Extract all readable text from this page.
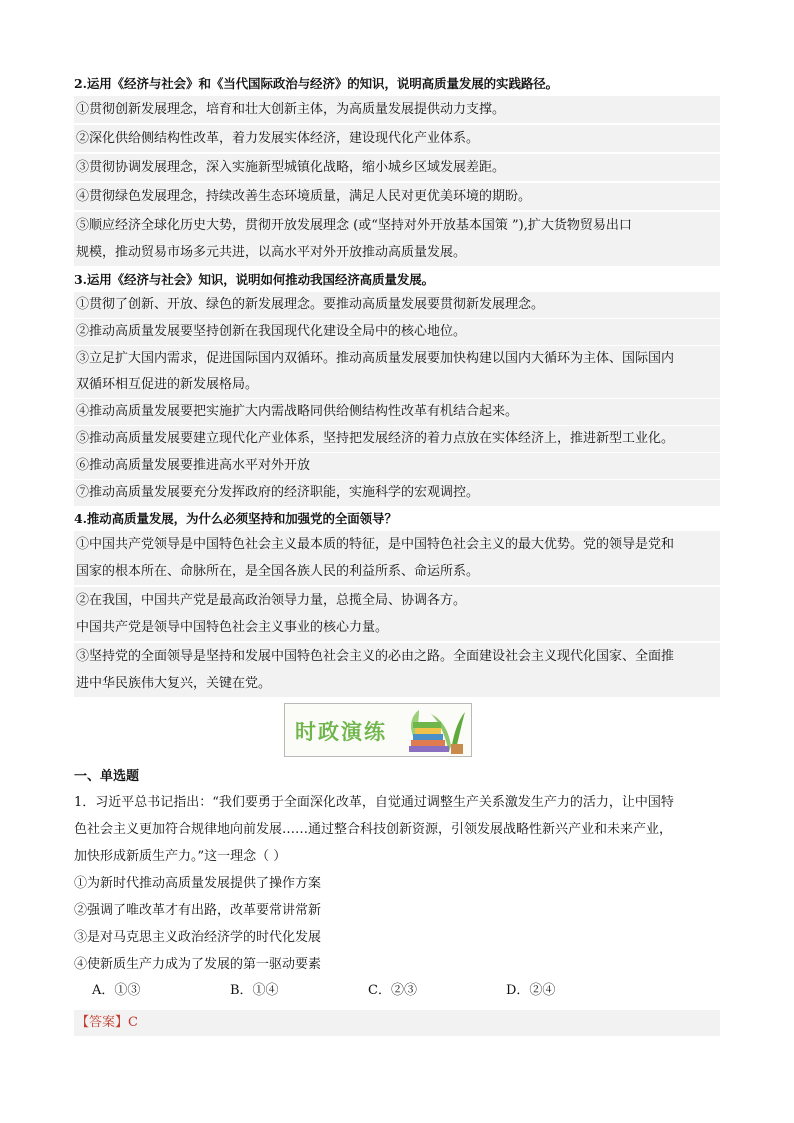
2.运用《经济与社会》和《当代国际政治与经济》的知识，说明高质量发展的实践路径。
①贯彻创新发展理念，培育和壮大创新主体，为高质量发展提供动力支撑。
②深化供给侧结构性改革，着力发展实体经济，建设现代化产业体系。
③贯彻协调发展理念，深入实施新型城镇化战略，缩小城乡区域发展差距。
④贯彻绿色发展理念，持续改善生态环境质量，满足人民对更优美环境的期盼。
⑤顺应经济全球化历史大势，贯彻开放发展理念 (或“坚持对外开放基本国策 ”),扩大货物贸易出口
规模，推动贸易市场多元共进，以高水平对外开放推动高质量发展。
3.运用《经济与社会》知识，说明如何推动我国经济高质量发展。
①贯彻了创新、开放、绿色的新发展理念。要推动高质量发展要贯彻新发展理念。
②推动高质量发展要坚持创新在我国现代化建设全局中的核心地位。
③立足扩大国内需求，促进国际国内双循环。推动高质量发展要加快构建以国内大循环为主体、国际国内
双循环相互促进的新发展格局。
④推动高质量发展要把实施扩大内需战略同供给侧结构性改革有机结合起来。
⑤推动高质量发展要建立现代化产业体系，坚持把发展经济的着力点放在实体经济上，推进新型工业化。
⑥推动高质量发展要推进高水平对外开放
⑦推动高质量发展要充分发挥政府的经济职能，实施科学的宏观调控。
4.推动高质量发展，为什么必须坚持和加强党的全面领导？
①中国共产党领导是中国特色社会主义最本质的特征，是中国特色社会主义的最大优势。党的领导是党和
国家的根本所在、命脉所在，是全国各族人民的利益所系、命运所系。
②在我国，中国共产党是最高政治领导力量，总揽全局、协调各方。
中国共产党是领导中国特色社会主义事业的核心力量。
③坚持党的全面领导是坚持和发展中国特色社会主义的必由之路。全面建设社会主义现代化国家、全面推
进中华民族伟大复兴，关键在党。
时政演练
一、单选题
1．习近平总书记指出：“我们要勇于全面深化改革，自觉通过调整生产关系激发生产力的活力，让中国特
色社会主义更加符合规律地向前发展……通过整合科技创新资源，引领发展战略性新兴产业和未来产业，
加快形成新质生产力。”这一理念（ ）
①为新时代推动高质量发展提供了操作方案
②强调了唯改革才有出路，改革要常讲常新
③是对马克思主义政治经济学的时代化发展
④使新质生产力成为了发展的第一驱动要素
A．①③	B．①④	C．②③	D．②④
【答案】C
